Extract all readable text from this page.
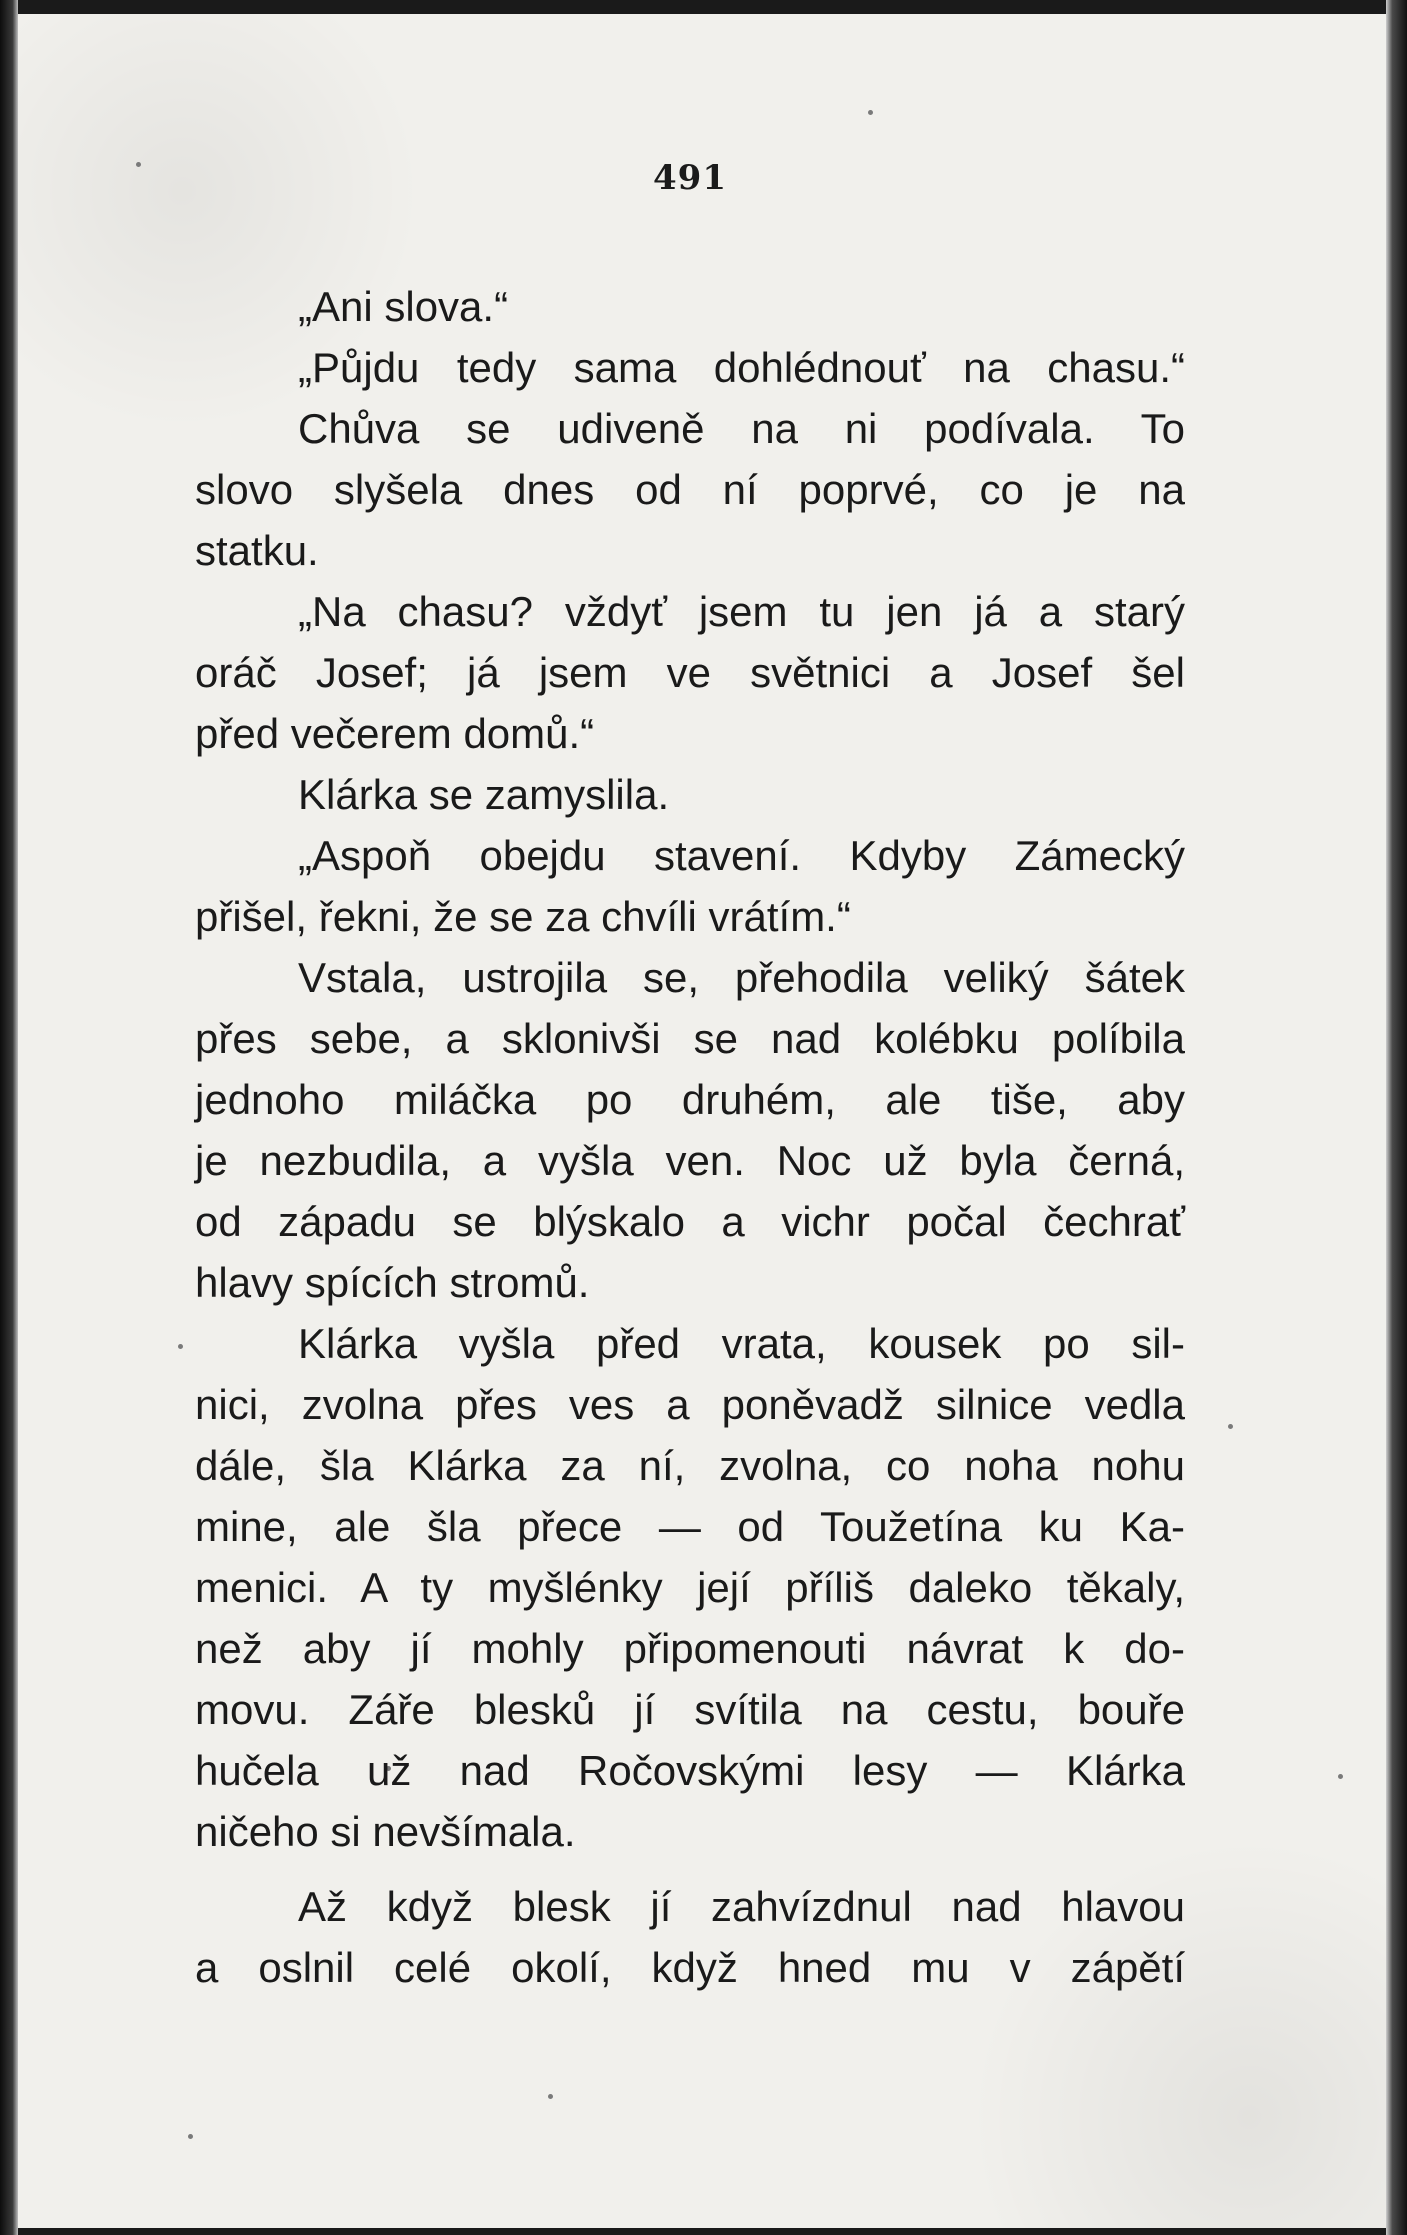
491
„Ani slova.“
„Půjdu tedy sama dohlédnouť na chasu.“
Chůva se udiveně na ni podívala. To
slovo slyšela dnes od ní poprvé, co je na
statku.
„Na chasu? vždyť jsem tu jen já a starý
oráč Josef; já jsem ve světnici a Josef šel
před večerem domů.“
Klárka se zamyslila.
„Aspoň obejdu stavení. Kdyby Zámecký
přišel, řekni, že se za chvíli vrátím.“
Vstala, ustrojila se, přehodila veliký šátek
přes sebe, a sklonivši se nad kolébku políbila
jednoho miláčka po druhém, ale tiše, aby
je nezbudila, a vyšla ven. Noc už byla černá,
od západu se blýskalo a vichr počal čechrať
hlavy spících stromů.
Klárka vyšla před vrata, kousek po sil-
nici, zvolna přes ves a poněvadž silnice vedla
dále, šla Klárka za ní, zvolna, co noha nohu
mine, ale šla přece — od Toužetína ku Ka-
menici. A ty myšlénky její příliš daleko těkaly,
než aby jí mohly připomenouti návrat k do-
movu. Záře blesků jí svítila na cestu, bouře
hučela už nad Ročovskými lesy — Klárka
ničeho si nevšímala.
Až když blesk jí zahvízdnul nad hlavou
a oslnil celé okolí, když hned mu v zápětí
